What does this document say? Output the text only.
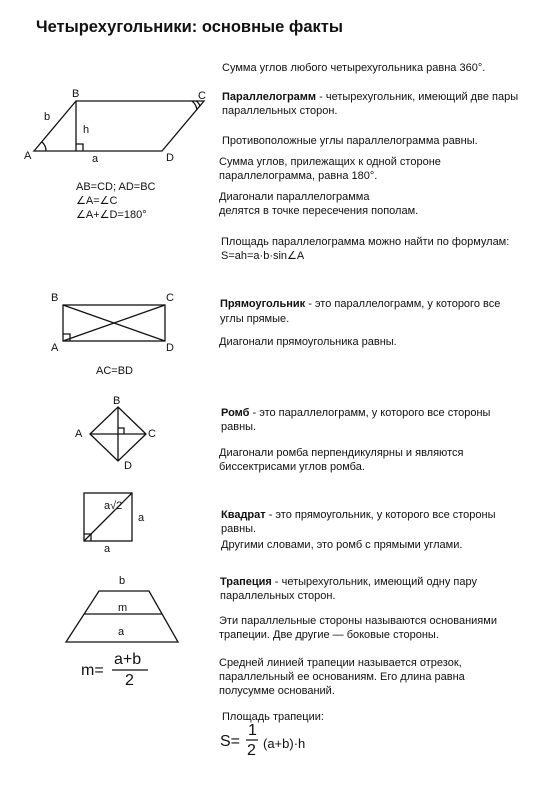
Четырехугольники: основные факты
B	C
A	D
b
h
a
AB=CD; AD=BC
∠A=∠C
∠A+∠D=180°
B	C
A	D
AC=BD
B
A	C
D
a√2
a
a
b
m
a
m=
a+b
2
Сумма углов любого четырехугольника равна 360°.
Параллелограмм - четырехугольник, имеющий две пары
параллельных сторон.
Противоположные углы параллелограмма равны.
Сумма углов, прилежащих к одной стороне
параллелограмма, равна 180°.
Диагонали параллелограмма
делятся в точке пересечения пополам.
Площадь параллелограмма можно найти по формулам:
S=ah=a·b·sin∠A
Прямоугольник - это параллелограмм, у которого все
углы прямые.
Диагонали прямоугольника равны.
Ромб - это параллелограмм, у которого все стороны
равны.
Диагонали ромба перпендикулярны и являются
биссектрисами углов ромба.
Квадрат - это прямоугольник, у которого все стороны
равны.
Другими словами, это ромб с прямыми углами.
Трапеция - четырехугольник, имеющий одну пару
параллельных сторон.
Эти параллельные стороны называются основаниями
трапеции. Две другие — боковые стороны.
Средней линией трапеции называется отрезок,
параллельный ее основаниям. Его длина равна
полусумме оснований.
Площадь трапеции:
S=
1
2 (a+b)·h
